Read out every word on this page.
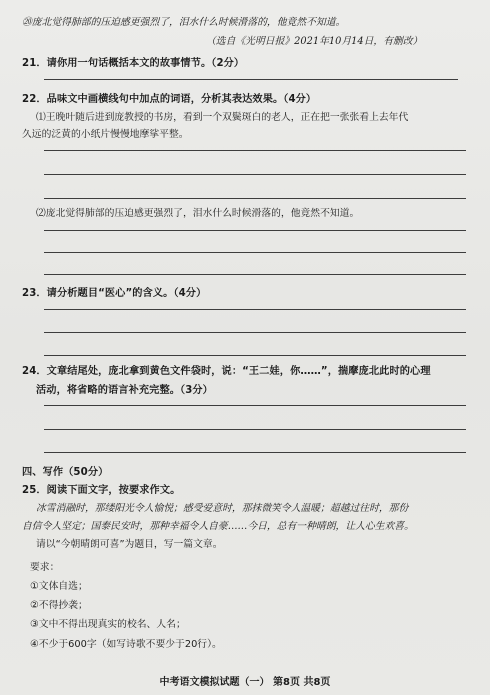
⑳庞北觉得肺部的压迫感更强烈了，泪水什么时候滑落的，他竟然不知道。
（选自《光明日报》2021年10月14日，有删改）
21．请你用一句话概括本文的故事情节。（2分）
22．品味文中画横线句中加点的词语，分析其表达效果。（4分）
⑴王晚叶随后进到庞教授的书房，看到一个双鬓斑白的老人，正在把一张张看上去年代
久远的泛黄的小纸片慢慢地摩挲平整。
⑵庞北觉得肺部的压迫感更强烈了，泪水什么时候滑落的，他竟然不知道。
23．请分析题目“医心”的含义。（4分）
24．文章结尾处，庞北拿到黄色文件袋时，说：“王二娃，你……”，揣摩庞北此时的心理
活动，将省略的语言补充完整。（3分）
四、写作（50分）
25．阅读下面文字，按要求作文。
冰雪消融时，那缕阳光令人愉悦；感受爱意时，那抹微笑令人温暖；超越过往时，那份
自信令人坚定；国泰民安时，那种幸福令人自豪……今日，总有一种晴朗，让人心生欢喜。
请以“今朝晴朗可喜”为题目，写一篇文章。
要求：
①文体自选；
②不得抄袭；
③文中不得出现真实的校名、人名；
④不少于600字（如写诗歌不要少于20行）。
中考语文模拟试题（一） 第8页 共8页
